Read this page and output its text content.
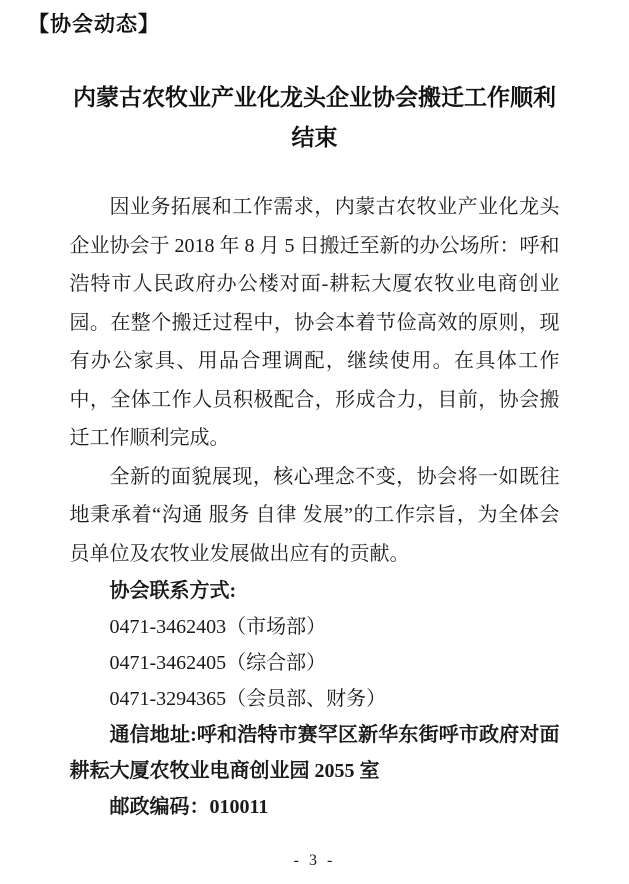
【协会动态】
内蒙古农牧业产业化龙头企业协会搬迁工作顺利
结束

因业务拓展和工作需求，内蒙古农牧业产业化龙头企业协会于 2018 年 8 月 5 日搬迁至新的办公场所：呼和浩特市人民政府办公楼对面-耕耘大厦农牧业电商创业园。在整个搬迁过程中，协会本着节俭高效的原则，现有办公家具、用品合理调配，继续使用。在具体工作中，全体工作人员积极配合，形成合力，目前，协会搬迁工作顺利完成。

全新的面貌展现，核心理念不变，协会将一如既往地秉承着“沟通 服务 自律 发展”的工作宗旨，为全体会员单位及农牧业发展做出应有的贡献。

协会联系方式:

0471-3462403（市场部）

0471-3462405（综合部）

0471-3294365（会员部、财务）

通信地址:呼和浩特市赛罕区新华东街呼市政府对面耕耘大厦农牧业电商创业园 2055 室

邮政编码：010011

- 3 -
